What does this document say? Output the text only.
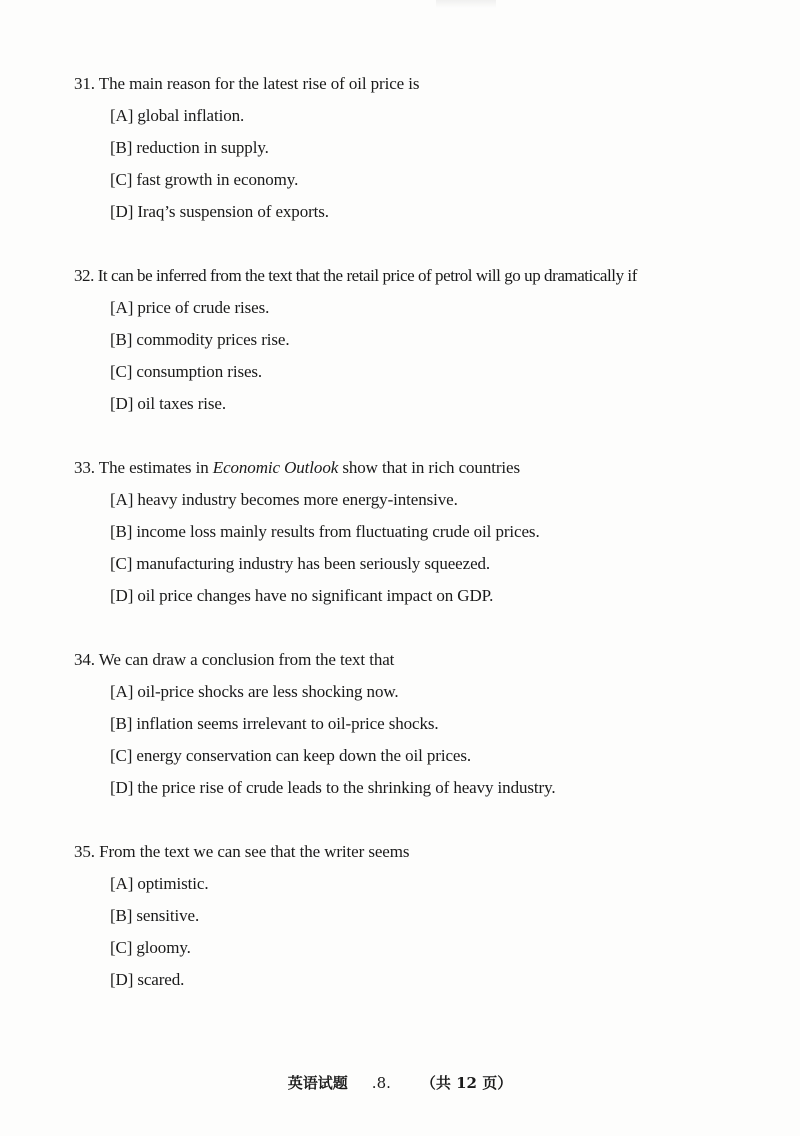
31. The main reason for the latest rise of oil price is
[A] global inflation.
[B] reduction in supply.
[C] fast growth in economy.
[D] Iraq’s suspension of exports.
32. It can be inferred from the text that the retail price of petrol will go up dramatically if
[A] price of crude rises.
[B] commodity prices rise.
[C] consumption rises.
[D] oil taxes rise.
33. The estimates in Economic Outlook show that in rich countries
[A] heavy industry becomes more energy-intensive.
[B] income loss mainly results from fluctuating crude oil prices.
[C] manufacturing industry has been seriously squeezed.
[D] oil price changes have no significant impact on GDP.
34. We can draw a conclusion from the text that
[A] oil-price shocks are less shocking now.
[B] inflation seems irrelevant to oil-price shocks.
[C] energy conservation can keep down the oil prices.
[D] the price rise of crude leads to the shrinking of heavy industry.
35. From the text we can see that the writer seems
[A] optimistic.
[B] sensitive.
[C] gloomy.
[D] scared.
英语试题 .8. （共 12 页）
